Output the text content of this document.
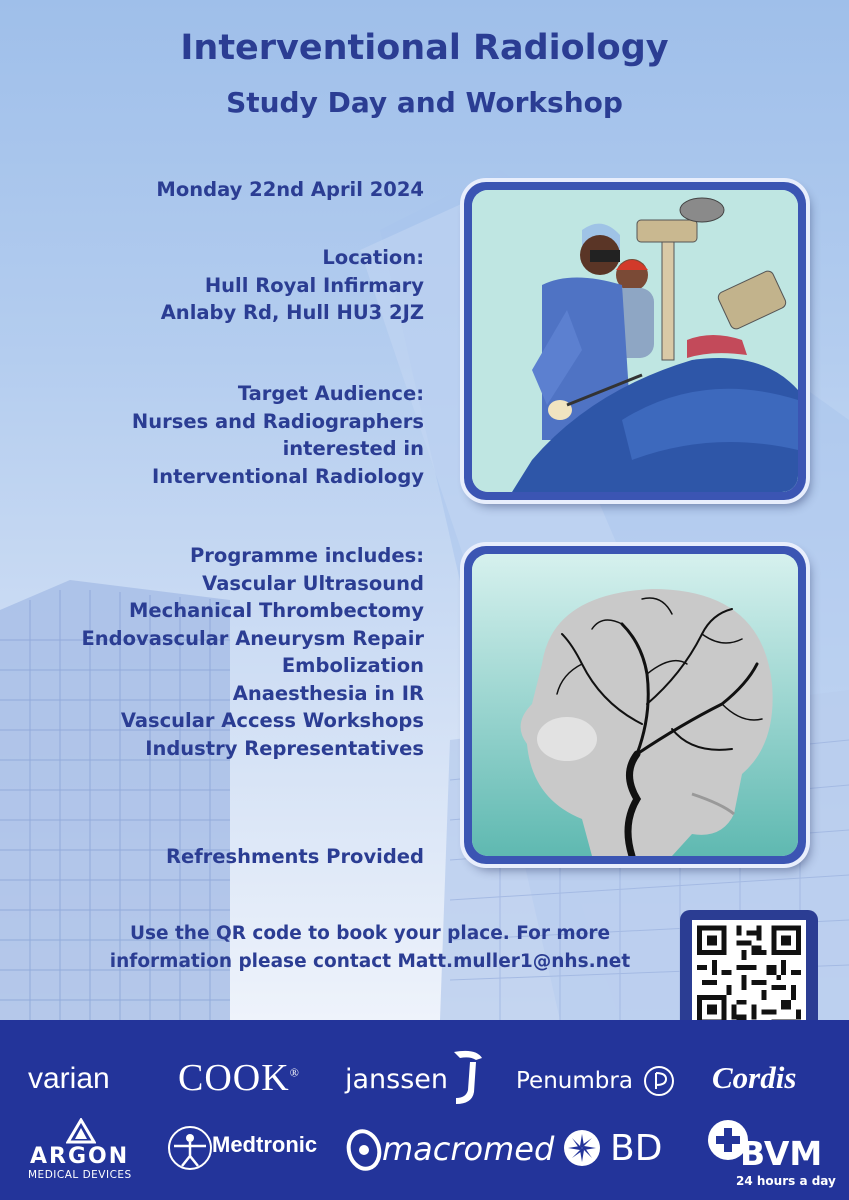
Interventional Radiology
Study Day and Workshop
Monday 22nd April 2024
Location:
Hull Royal Infirmary
Anlaby Rd, Hull HU3 2JZ
Target Audience:
Nurses and Radiographers
interested in
Interventional Radiology
Programme includes:
Vascular Ultrasound
Mechanical Thrombectomy
Endovascular Aneurysm Repair
Embolization
Anaesthesia in IR
Vascular Access Workshops
Industry Representatives
Refreshments Provided
Use the QR code to book your place. For more
information please contact Matt.muller1@nhs.net
varian COOK® janssen	Penumbra	Cordis
ARGON
MEDICAL DEVICES
Medtronic macromed BD BVM
24 hours a day
